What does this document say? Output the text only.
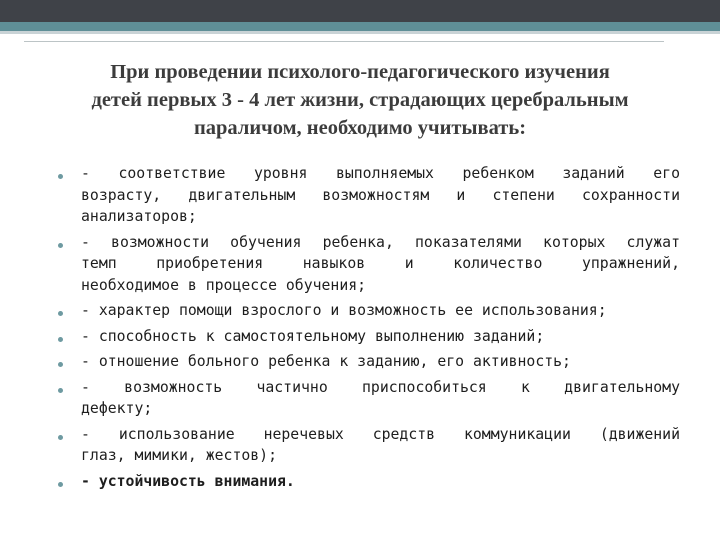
При проведении психолого-педагогического изучения
детей первых 3 - 4 лет жизни, страдающих церебральным
параличом, необходимо учитывать:
- соответствие уровня выполняемых ребенком заданий его
возрасту, двигательным возможностям и степени сохранности
анализаторов;
- возможности обучения ребенка, показателями которых служат
темп приобретения навыков и количество упражнений,
необходимое в процессе обучения;
- характер помощи взрослого и возможность ее использования;
- способность к самостоятельному выполнению заданий;
- отношение больного ребенка к заданию, его активность;
- возможность частично приспособиться к двигательному
дефекту;
- использование неречевых средств коммуникации (движений
глаз, мимики, жестов);
- устойчивость внимания.
